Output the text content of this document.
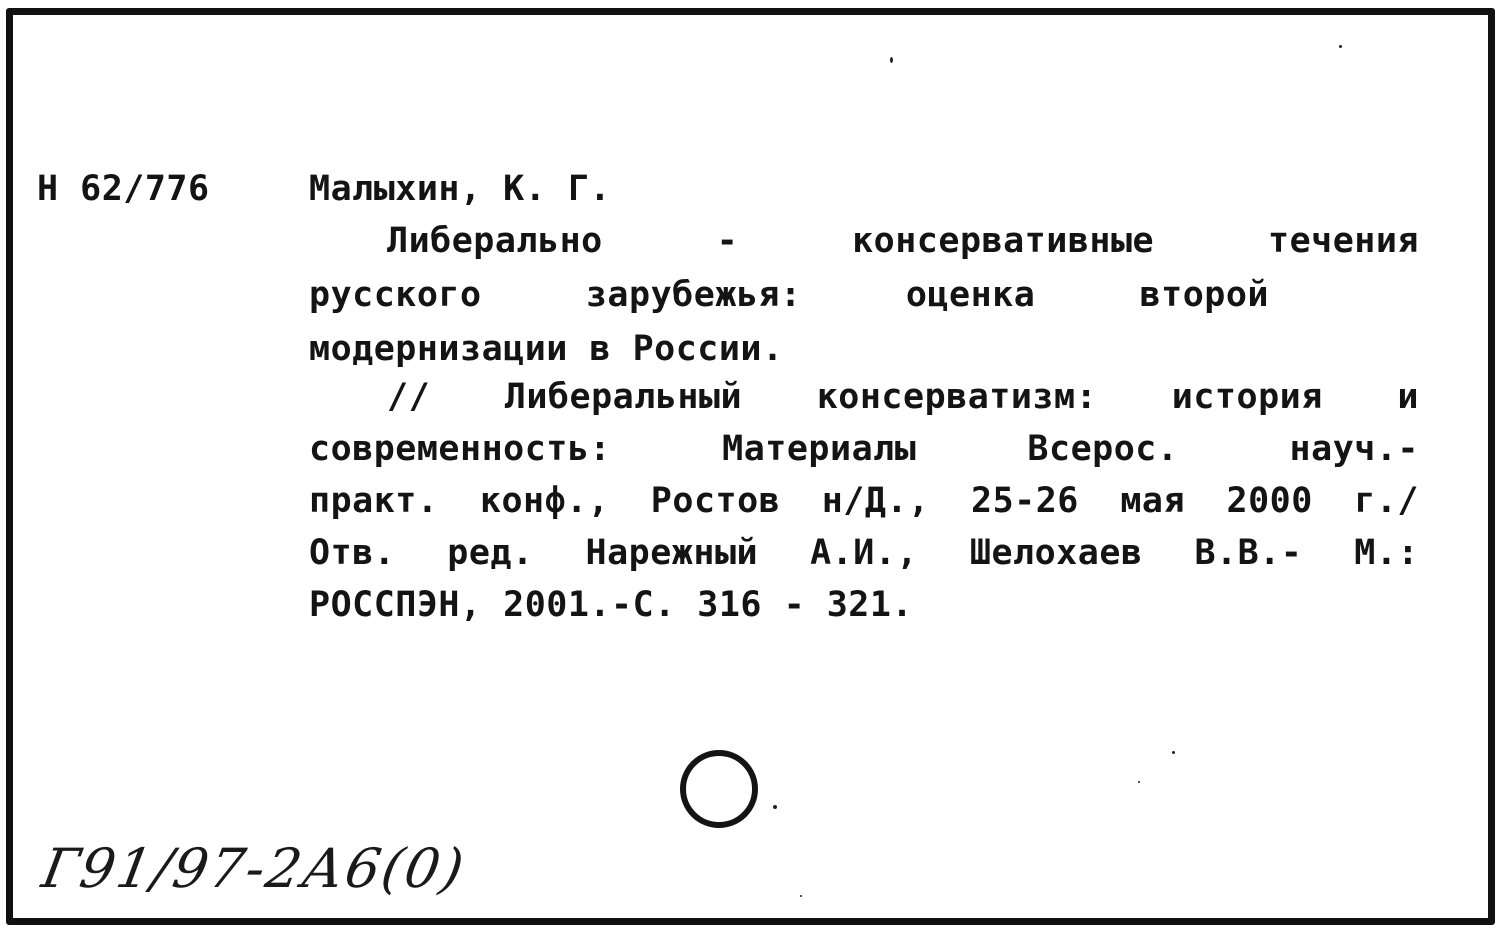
Н 62/776	Малыхин, К. Г.

Либерально  -  консервативные  течения

русского  зарубежья:  оценка  второй

модернизации в России.

// Либеральный консерватизм: история и

современность: Материалы Всерос. науч.-

практ. конф., Ростов н/Д., 25-26 мая 2000 г./

Отв. ред. Нарежный А.И., Шелохаев В.В.- М.:

РОССПЭН, 2001.-С. 316 - 321.

Г91/97-2А6(0)
